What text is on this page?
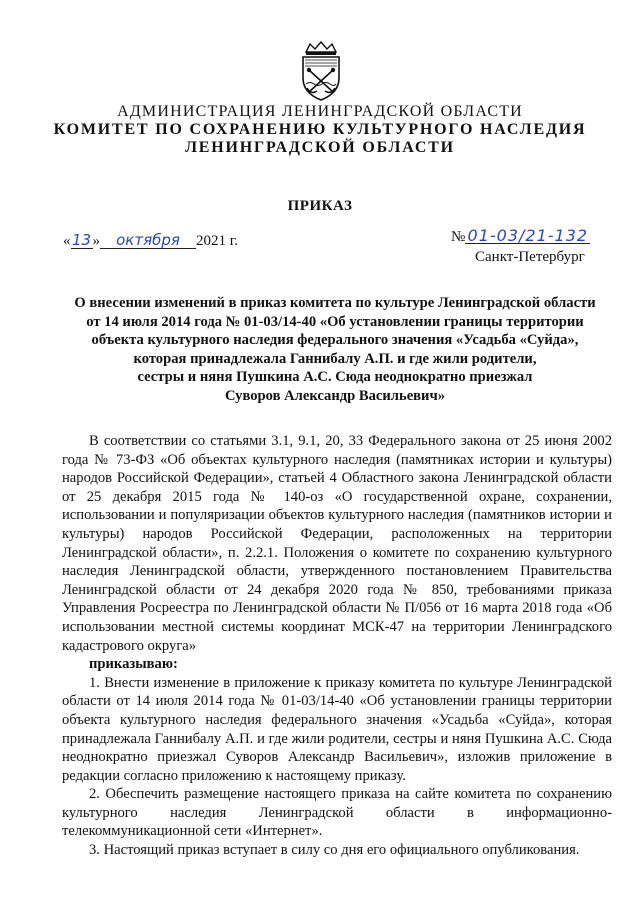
АДМИНИСТРАЦИЯ ЛЕНИНГРАДСКОЙ ОБЛАСТИ
КОМИТЕТ ПО СОХРАНЕНИЮ КУЛЬТУРНОГО НАСЛЕДИЯ
ЛЕНИНГРАДСКОЙ ОБЛАСТИ
ПРИКАЗ
«13» октября 2021 г.	№ 01-03/21-132
Санкт-Петербург
О внесении изменений в приказ комитета по культуре Ленинградской области
от 14 июля 2014 года № 01-03/14-40 «Об установлении границы территории
объекта культурного наследия федерального значения «Усадьба «Суйда»,
которая принадлежала Ганнибалу А.П. и где жили родители,
сестры и няня Пушкина А.С. Сюда неоднократно приезжал
Суворов Александр Васильевич»

В соответствии со статьями 3.1, 9.1, 20, 33 Федерального закона от 25 июня 2002 года № 73-ФЗ «Об объектах культурного наследия (памятниках истории и культуры) народов Российской Федерации», статьей 4 Областного закона Ленинградской области от 25 декабря 2015 года № 140-оз «О государственной охране, сохранении, использовании и популяризации объектов культурного наследия (памятников истории и культуры) народов Российской Федерации, расположенных на территории Ленинградской области», п. 2.2.1. Положения о комитете по сохранению культурного наследия Ленинградской области, утвержденного постановлением Правительства Ленинградской области от 24 декабря 2020 года № 850, требованиями приказа Управления Росреестра по Ленинградской области № П/056 от 16 марта 2018 года «Об использовании местной системы координат МСК-47 на территории Ленинградского кадастрового округа»

приказываю:

1. Внести изменение в приложение к приказу комитета по культуре Ленинградской области от 14 июля 2014 года № 01-03/14-40 «Об установлении границы территории объекта культурного наследия федерального значения «Усадьба «Суйда», которая принадлежала Ганнибалу А.П. и где жили родители, сестры и няня Пушкина А.С. Сюда неоднократно приезжал Суворов Александр Васильевич», изложив приложение в редакции согласно приложению к настоящему приказу.

2. Обеспечить размещение настоящего приказа на сайте комитета по сохранению культурного наследия Ленинградской области в информационно-телекоммуникационной сети «Интернет».

3. Настоящий приказ вступает в силу со дня его официального опубликования.
